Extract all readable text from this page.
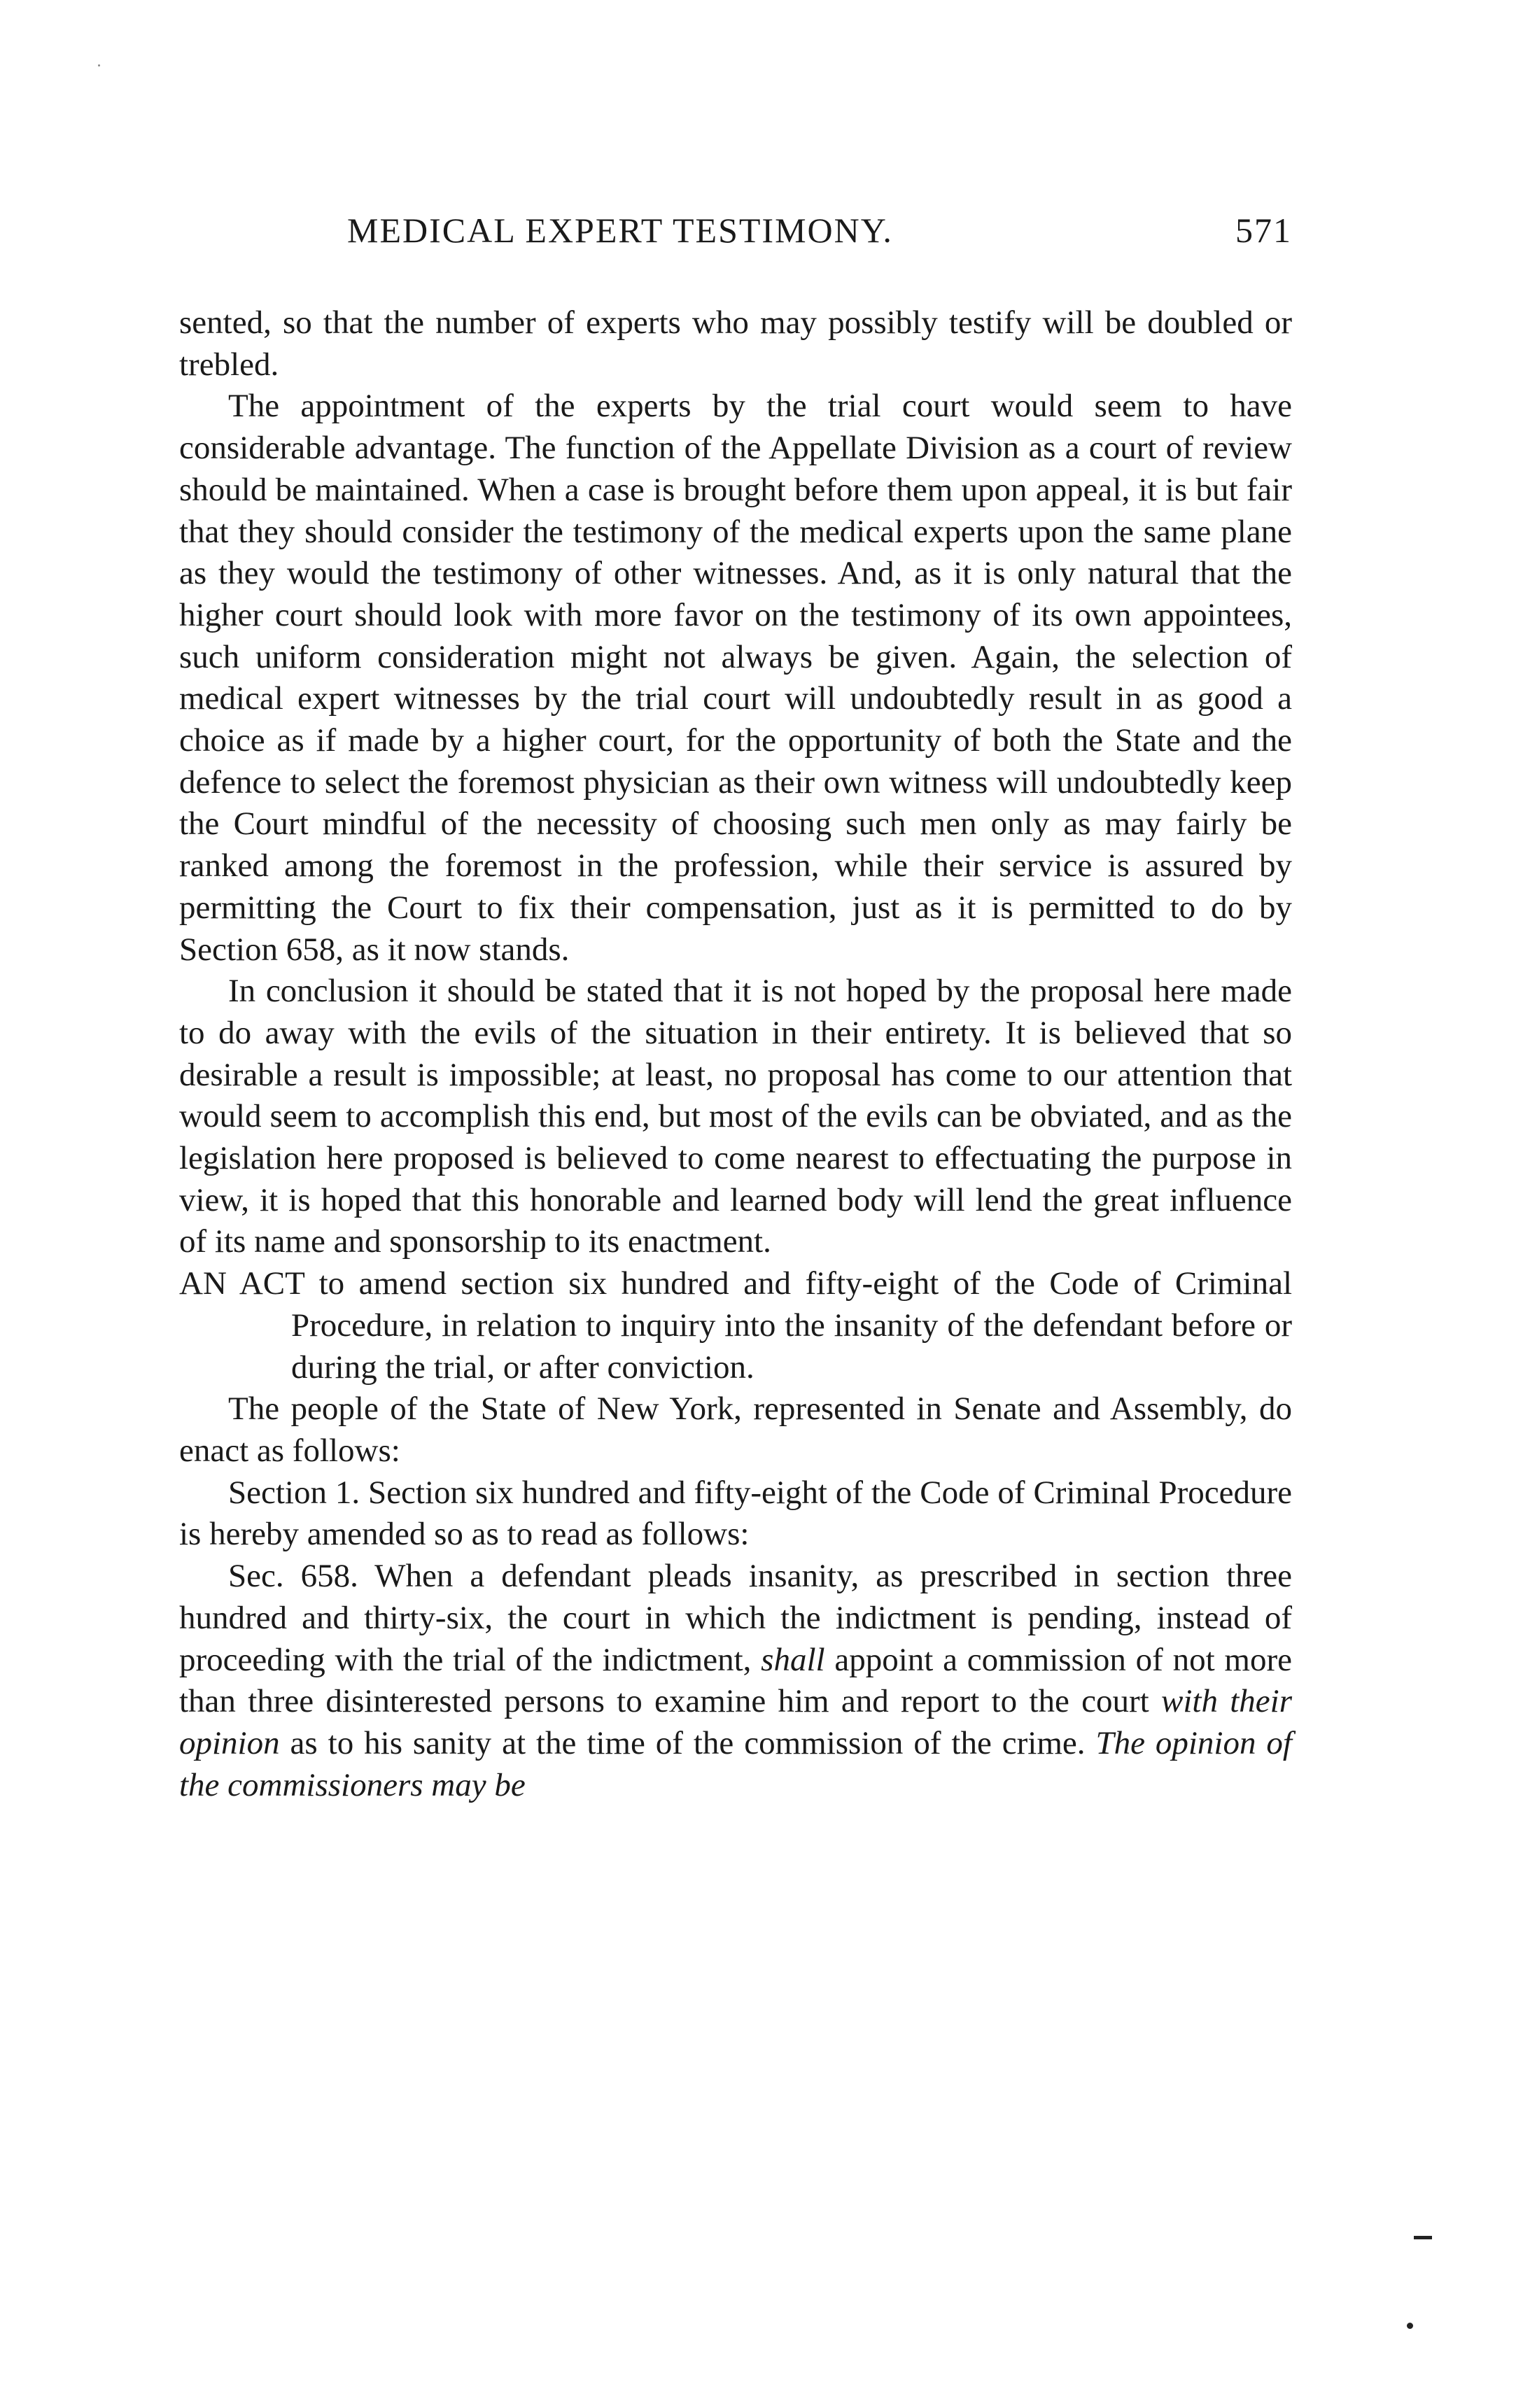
MEDICAL EXPERT TESTIMONY.	571

sented, so that the number of experts who may possibly testify will be doubled or trebled.

The appointment of the experts by the trial court would seem to have considerable advantage. The function of the Appellate Division as a court of review should be maintained. When a case is brought before them upon appeal, it is but fair that they should consider the testimony of the medical experts upon the same plane as they would the testimony of other witnesses. And, as it is only natural that the higher court should look with more favor on the testimony of its own appointees, such uniform consideration might not always be given. Again, the selection of medical expert witnesses by the trial court will undoubtedly result in as good a choice as if made by a higher court, for the opportunity of both the State and the defence to select the foremost physician as their own witness will undoubtedly keep the Court mindful of the necessity of choosing such men only as may fairly be ranked among the foremost in the profession, while their service is assured by permitting the Court to fix their compensation, just as it is permitted to do by Section 658, as it now stands.

In conclusion it should be stated that it is not hoped by the proposal here made to do away with the evils of the situation in their entirety. It is believed that so desirable a result is impossible; at least, no proposal has come to our attention that would seem to accomplish this end, but most of the evils can be obviated, and as the legislation here proposed is believed to come nearest to effectuating the purpose in view, it is hoped that this honorable and learned body will lend the great influence of its name and sponsorship to its enactment.

AN ACT to amend section six hundred and fifty-eight of the Code of Criminal Procedure, in relation to inquiry into the insanity of the defendant before or during the trial, or after conviction.

The people of the State of New York, represented in Senate and Assembly, do enact as follows:

Section 1. Section six hundred and fifty-eight of the Code of Criminal Procedure is hereby amended so as to read as follows:

Sec. 658. When a defendant pleads insanity, as prescribed in section three hundred and thirty-six, the court in which the indictment is pending, instead of proceeding with the trial of the indictment, shall appoint a commission of not more than three disinterested persons to examine him and report to the court with their opinion as to his sanity at the time of the commission of the crime. The opinion of the commissioners may be
